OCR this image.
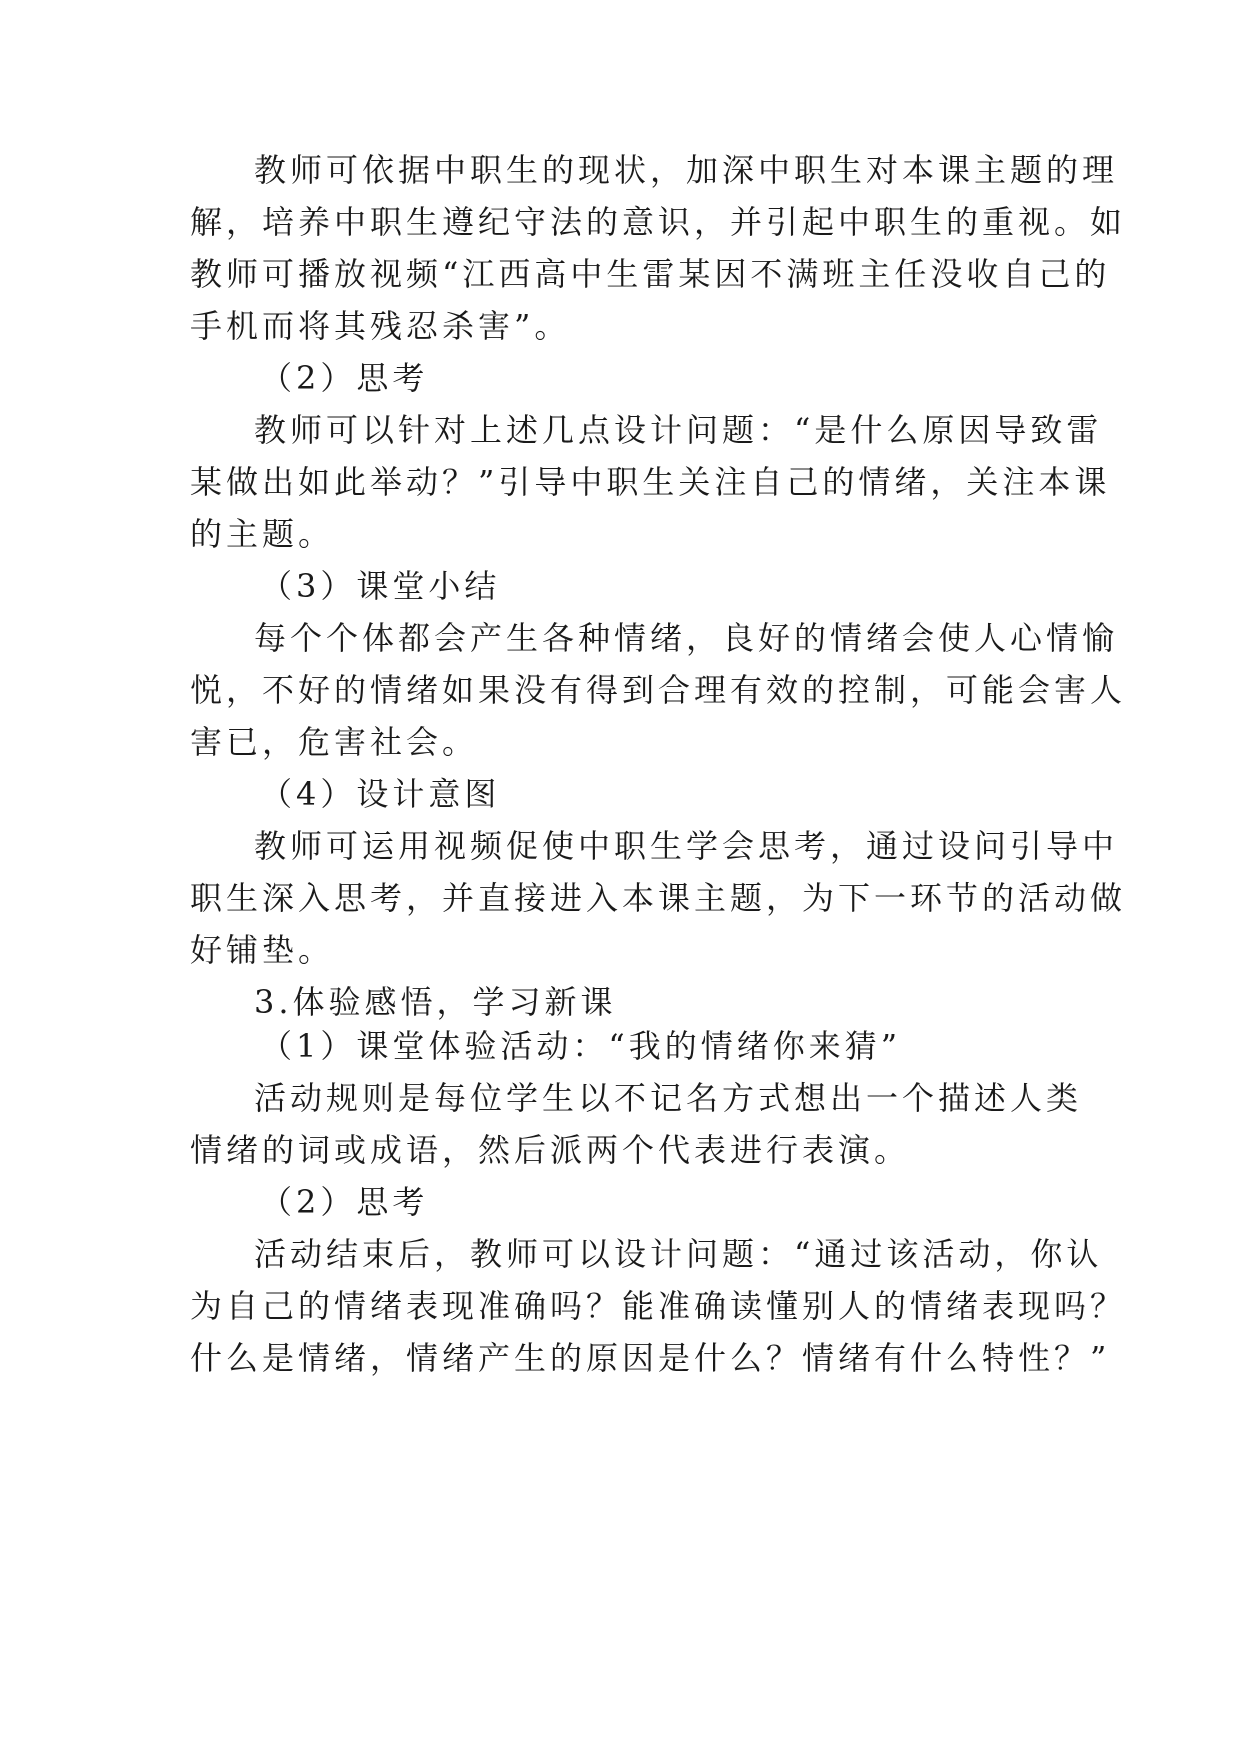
教师可依据中职生的现状，加深中职生对本课主题的理
解，培养中职生遵纪守法的意识，并引起中职生的重视。如
教师可播放视频“江西高中生雷某因不满班主任没收自己的
手机而将其残忍杀害”。
（2）思考
教师可以针对上述几点设计问题：“是什么原因导致雷
某做出如此举动？”引导中职生关注自己的情绪，关注本课
的主题。
（3）课堂小结
每个个体都会产生各种情绪，良好的情绪会使人心情愉
悦，不好的情绪如果没有得到合理有效的控制，可能会害人
害已，危害社会。
（4）设计意图
教师可运用视频促使中职生学会思考，通过设问引导中
职生深入思考，并直接进入本课主题，为下一环节的活动做
好铺垫。
3.体验感悟，学习新课
（1）课堂体验活动：“我的情绪你来猜”
活动规则是每位学生以不记名方式想出一个描述人类
情绪的词或成语，然后派两个代表进行表演。
（2）思考
活动结束后，教师可以设计问题：“通过该活动，你认
为自己的情绪表现准确吗？能准确读懂别人的情绪表现吗？
什么是情绪，情绪产生的原因是什么？情绪有什么特性？”
